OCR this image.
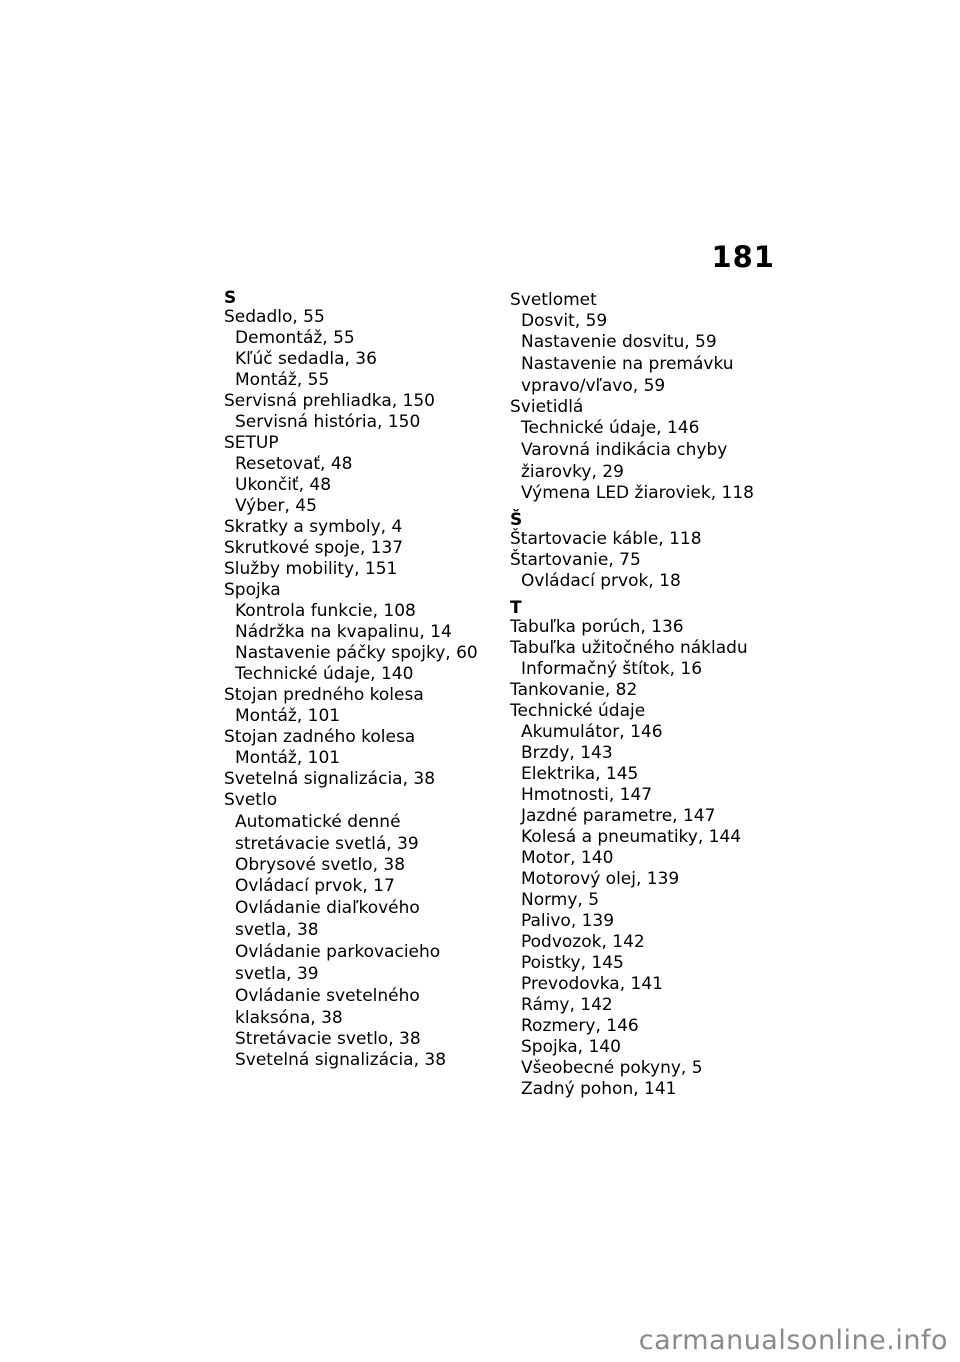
181
S
Sedadlo, 55
Demontáž, 55
Kľúč sedadla, 36
Montáž, 55
Servisná prehliadka, 150
Servisná história, 150
SETUP
Resetovať, 48
Ukončiť, 48
Výber, 45
Skratky a symboly, 4
Skrutkové spoje, 137
Služby mobility, 151
Spojka
Kontrola funkcie, 108
Nádržka na kvapalinu, 14
Nastavenie páčky spojky, 60
Technické údaje, 140
Stojan predného kolesa
Montáž, 101
Stojan zadného kolesa
Montáž, 101
Svetelná signalizácia, 38
Svetlo
Automatické denné
stretávacie svetlá, 39
Obrysové svetlo, 38
Ovládací prvok, 17
Ovládanie diaľkového
svetla, 38
Ovládanie parkovacieho
svetla, 39
Ovládanie svetelného
klaksóna, 38
Stretávacie svetlo, 38
Svetelná signalizácia, 38
Svetlomet
Dosvit, 59
Nastavenie dosvitu, 59
Nastavenie na premávku
vpravo/vľavo, 59
Svietidlá
Technické údaje, 146
Varovná indikácia chyby
žiarovky, 29
Výmena LED žiaroviek, 118
Š
Štartovacie káble, 118
Štartovanie, 75
Ovládací prvok, 18
T
Tabuľka porúch, 136
Tabuľka užitočného nákladu
Informačný štítok, 16
Tankovanie, 82
Technické údaje
Akumulátor, 146
Brzdy, 143
Elektrika, 145
Hmotnosti, 147
Jazdné parametre, 147
Kolesá a pneumatiky, 144
Motor, 140
Motorový olej, 139
Normy, 5
Palivo, 139
Podvozok, 142
Poistky, 145
Prevodovka, 141
Rámy, 142
Rozmery, 146
Spojka, 140
Všeobecné pokyny, 5
Zadný pohon, 141
carmanualsonline.info
